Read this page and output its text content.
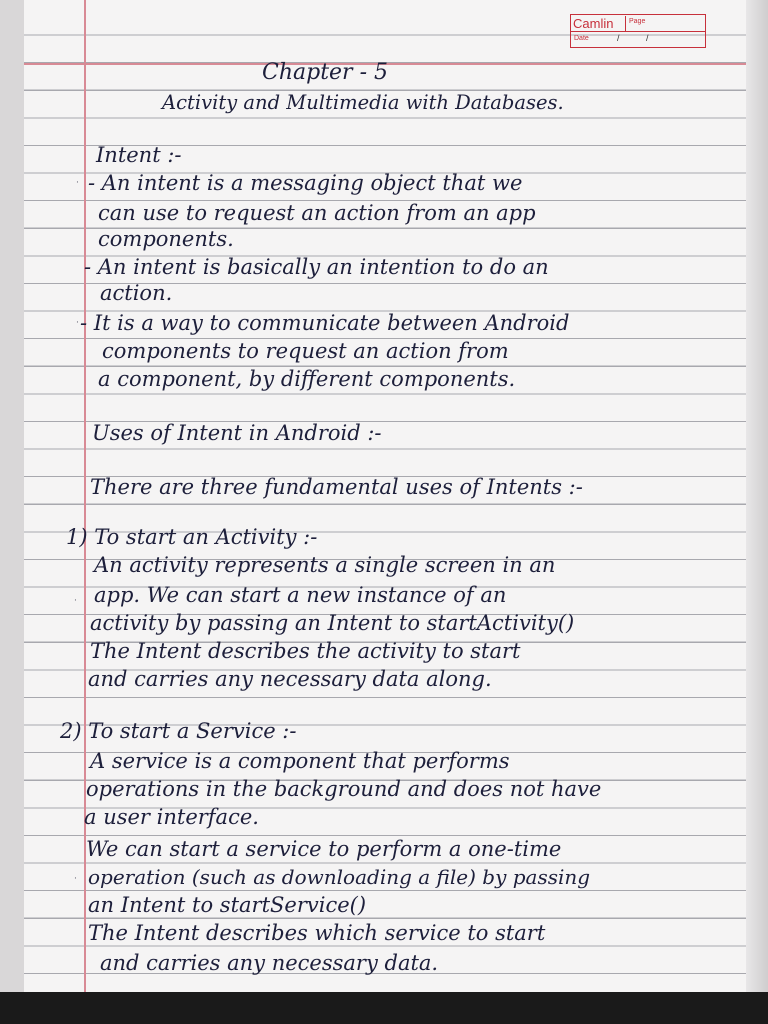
Camlin	Page
Date	/ /
Chapter - 5
Activity and Multimedia with Databases.
Intent :-
· - An intent is a messaging object that we
can use to request an action from an app
components.
- An intent is basically an intention to do an
action.
· - It is a way to communicate between Android
components to request an action from
a component, by different components.
Uses of Intent in Android :-
There are three fundamental uses of Intents :-
1) To start an Activity :-
An activity represents a single screen in an
· app. We can start a new instance of an
activity by passing an Intent to startActivity()
The Intent describes the activity to start
and carries any necessary data along.
2) To start a Service :-
A service is a component that performs
operations in the background and does not have
a user interface.
We can start a service to perform a one-time
· operation (such as downloading a file) by passing
an Intent to startService()
The Intent describes which service to start
and carries any necessary data.
